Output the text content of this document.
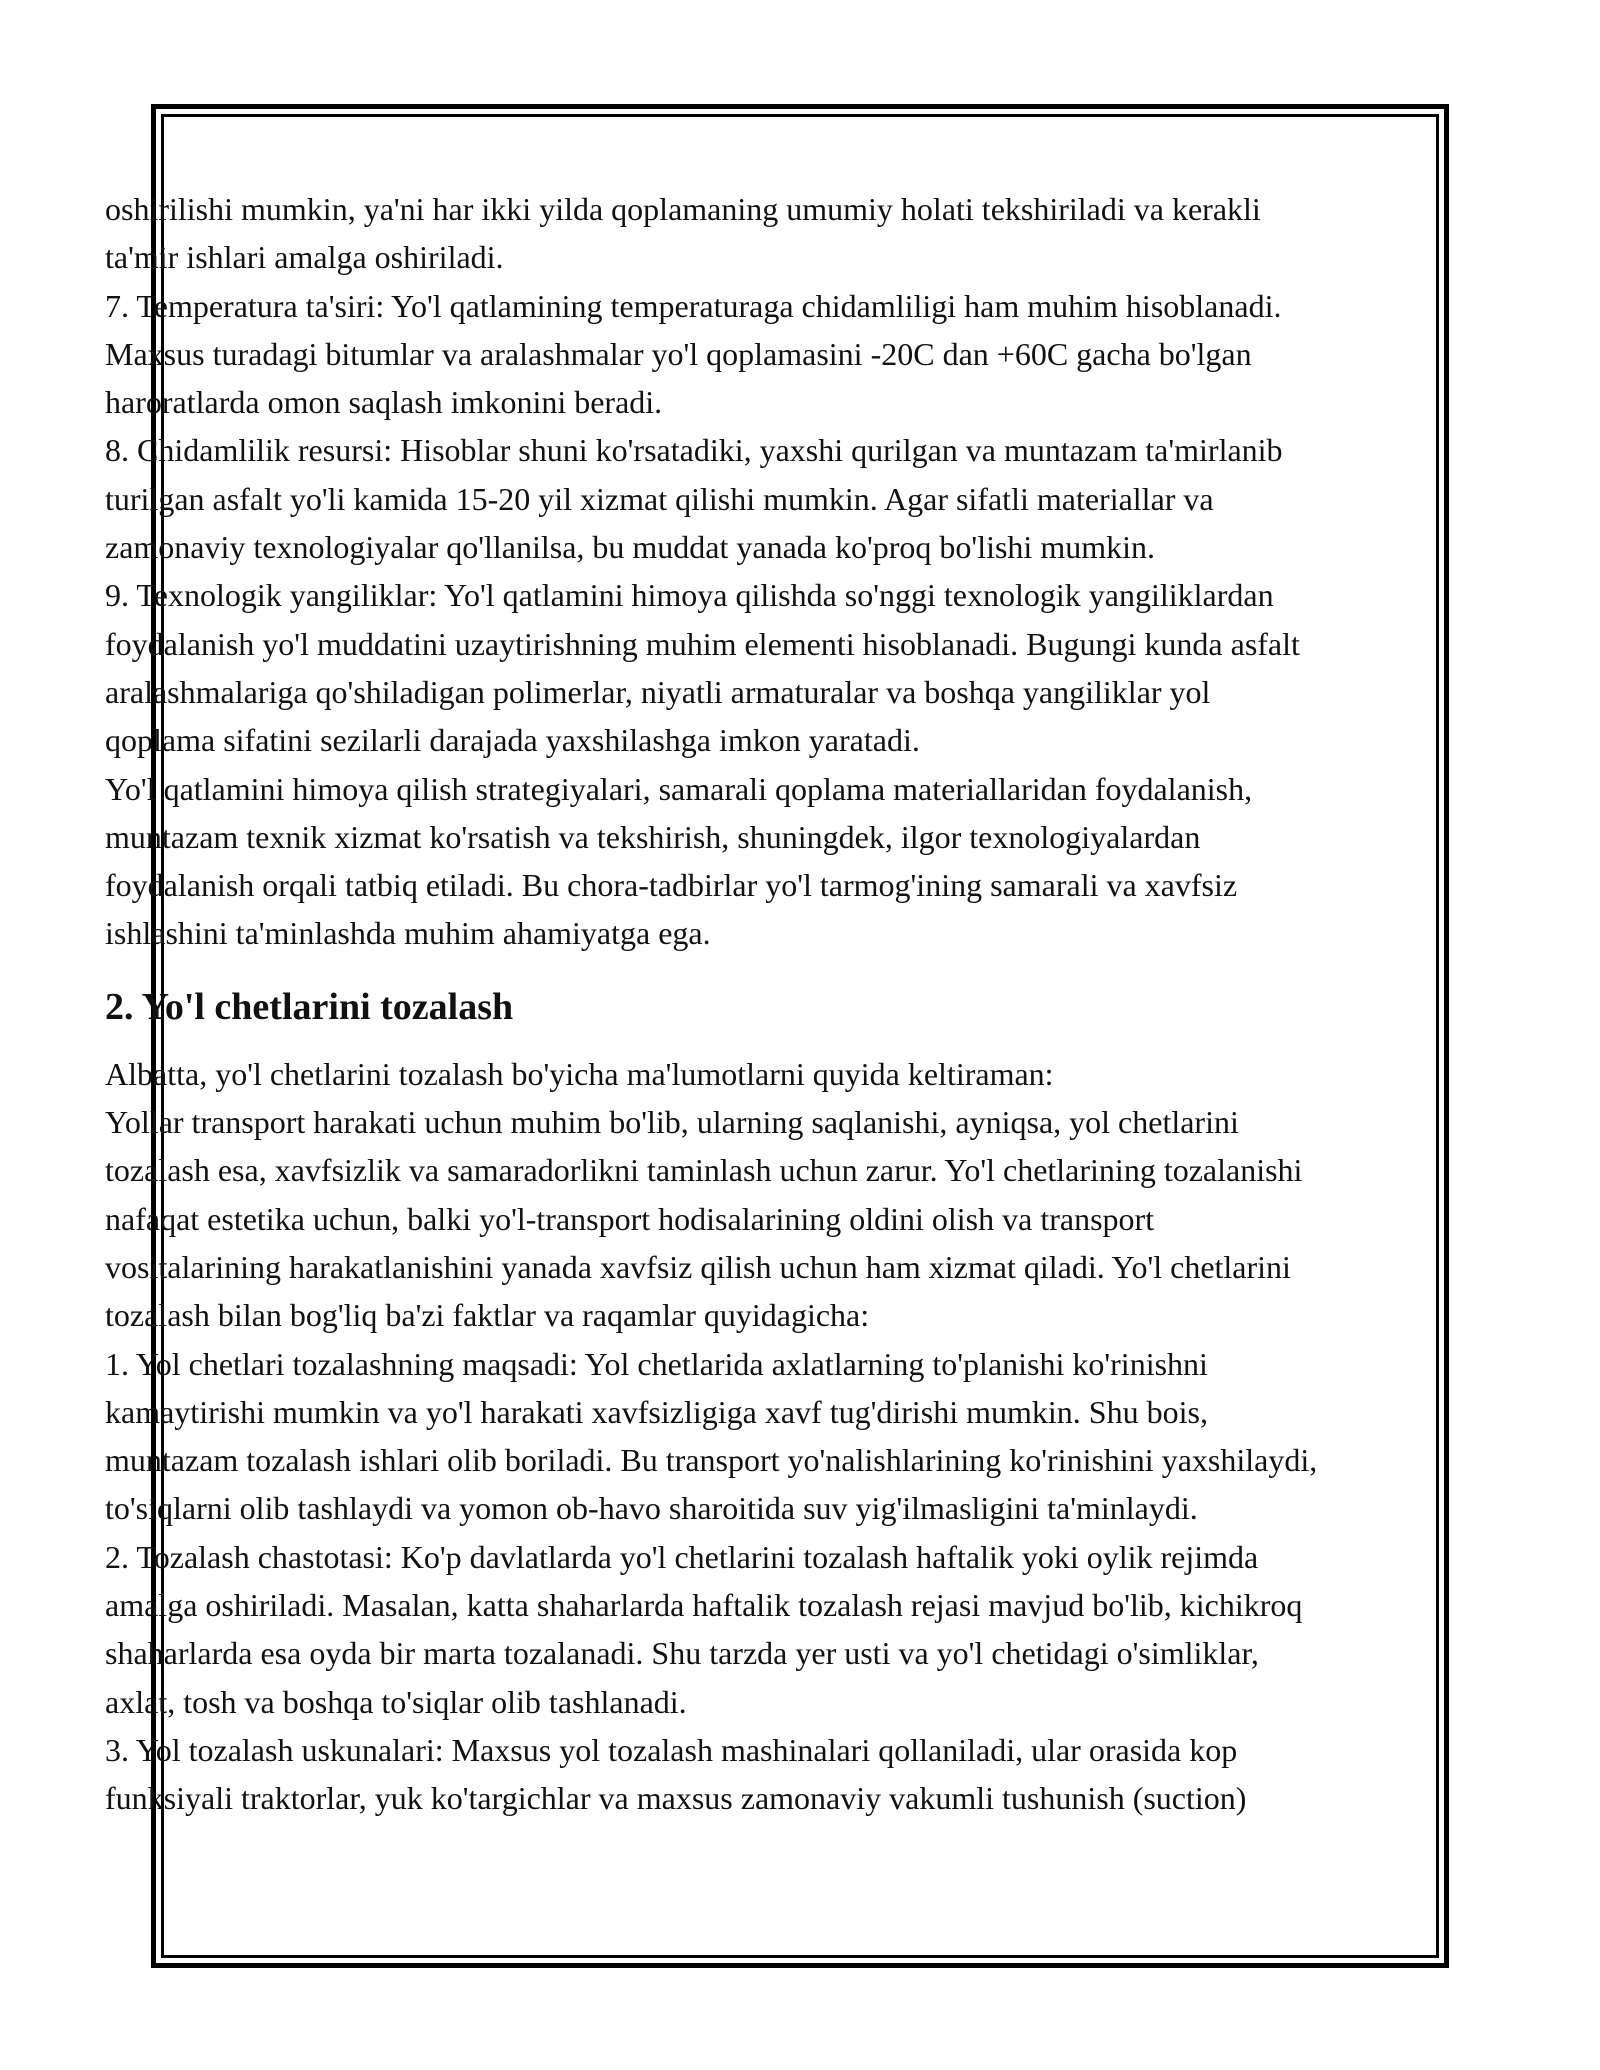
oshirilishi mumkin, ya'ni har ikki yilda qoplamaning umumiy holati tekshiriladi va kerakli

ta'mir ishlari amalga oshiriladi.

7. Temperatura ta'siri: Yo'l qatlamining temperaturaga chidamliligi ham muhim hisoblanadi.

Maxsus turadagi bitumlar va aralashmalar yo'l qoplamasini -20C dan +60C gacha bo'lgan

haroratlarda omon saqlash imkonini beradi.

8. Chidamlilik resursi: Hisoblar shuni ko'rsatadiki, yaxshi qurilgan va muntazam ta'mirlanib

turilgan asfalt yo'li kamida 15-20 yil xizmat qilishi mumkin. Agar sifatli materiallar va

zamonaviy texnologiyalar qo'llanilsa, bu muddat yanada ko'proq bo'lishi mumkin.

9. Texnologik yangiliklar: Yo'l qatlamini himoya qilishda so'nggi texnologik yangiliklardan

foydalanish yo'l muddatini uzaytirishning muhim elementi hisoblanadi. Bugungi kunda asfalt

aralashmalariga qo'shiladigan polimerlar, niyatli armaturalar va boshqa yangiliklar yol

qoplama sifatini sezilarli darajada yaxshilashga imkon yaratadi.

Yo'l qatlamini himoya qilish strategiyalari, samarali qoplama materiallaridan foydalanish,

muntazam texnik xizmat ko'rsatish va tekshirish, shuningdek, ilgor texnologiyalardan

foydalanish orqali tatbiq etiladi. Bu chora-tadbirlar yo'l tarmog'ining samarali va xavfsiz

ishlashini ta'minlashda muhim ahamiyatga ega.

2. Yo'l chetlarini tozalash

Albatta, yo'l chetlarini tozalash bo'yicha ma'lumotlarni quyida keltiraman:

Yollar transport harakati uchun muhim bo'lib, ularning saqlanishi, ayniqsa, yol chetlarini

tozalash esa, xavfsizlik va samaradorlikni taminlash uchun zarur. Yo'l chetlarining tozalanishi

nafaqat estetika uchun, balki yo'l-transport hodisalarining oldini olish va transport

vositalarining harakatlanishini yanada xavfsiz qilish uchun ham xizmat qiladi. Yo'l chetlarini

tozalash bilan bog'liq ba'zi faktlar va raqamlar quyidagicha:

1. Yol chetlari tozalashning maqsadi: Yol chetlarida axlatlarning to'planishi ko'rinishni

kamaytirishi mumkin va yo'l harakati xavfsizligiga xavf tug'dirishi mumkin. Shu bois,

muntazam tozalash ishlari olib boriladi. Bu transport yo'nalishlarining ko'rinishini yaxshilaydi,

to'siqlarni olib tashlaydi va yomon ob-havo sharoitida suv yig'ilmasligini ta'minlaydi.

2. Tozalash chastotasi: Ko'p davlatlarda yo'l chetlarini tozalash haftalik yoki oylik rejimda

amalga oshiriladi. Masalan, katta shaharlarda haftalik tozalash rejasi mavjud bo'lib, kichikroq

shaharlarda esa oyda bir marta tozalanadi. Shu tarzda yer usti va yo'l chetidagi o'simliklar,

axlat, tosh va boshqa to'siqlar olib tashlanadi.

3. Yol tozalash uskunalari: Maxsus yol tozalash mashinalari qollaniladi, ular orasida kop

funksiyali traktorlar, yuk ko'targichlar va maxsus zamonaviy vakumli tushunish (suction)
